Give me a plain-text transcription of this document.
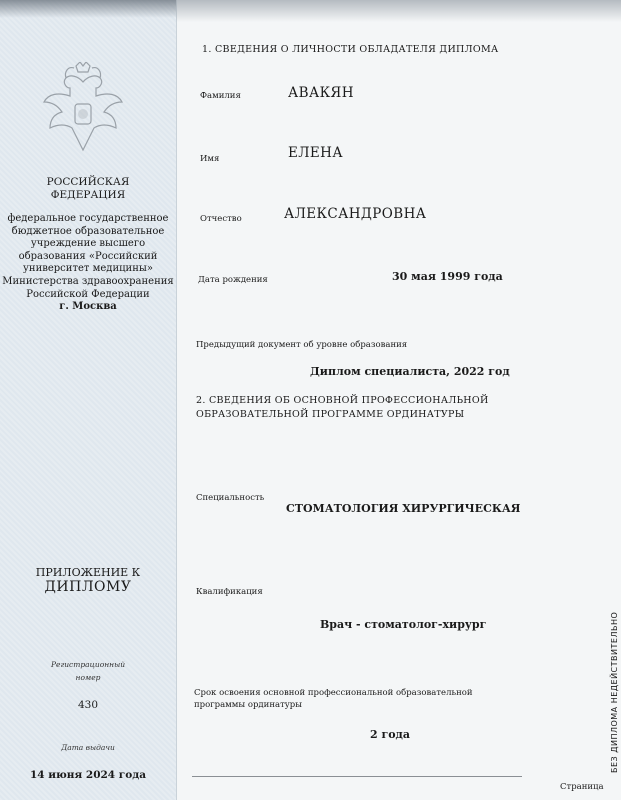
РОССИЙСКАЯ
ФЕДЕРАЦИЯ
федеральное государственное
бюджетное образовательное
учреждение высшего
образования «Российский
университет медицины»
Министерства здравоохранения
Российской Федерации
г. Москва
ПРИЛОЖЕНИЕ К
ДИПЛОМУ
Регистрационный
номер
430
Дата выдачи
14 июня 2024 года
1. СВЕДЕНИЯ О ЛИЧНОСТИ ОБЛАДАТЕЛЯ ДИПЛОМА
Фамилия	АВАКЯН
Имя	ЕЛЕНА
Отчество	АЛЕКСАНДРОВНА
Дата рождения	30 мая 1999 года
Предыдущий документ об уровне образования
Диплом специалиста, 2022 год
2. СВЕДЕНИЯ ОБ ОСНОВНОЙ ПРОФЕССИОНАЛЬНОЙ
ОБРАЗОВАТЕЛЬНОЙ ПРОГРАММЕ ОРДИНАТУРЫ
Специальность
СТОМАТОЛОГИЯ ХИРУРГИЧЕСКАЯ
Квалификация
Врач - стоматолог-хирург
Срок освоения основной профессиональной образовательной
программы ординатуры
2 года
Страница
БЕЗ ДИПЛОМА НЕДЕЙСТВИТЕЛЬНО
